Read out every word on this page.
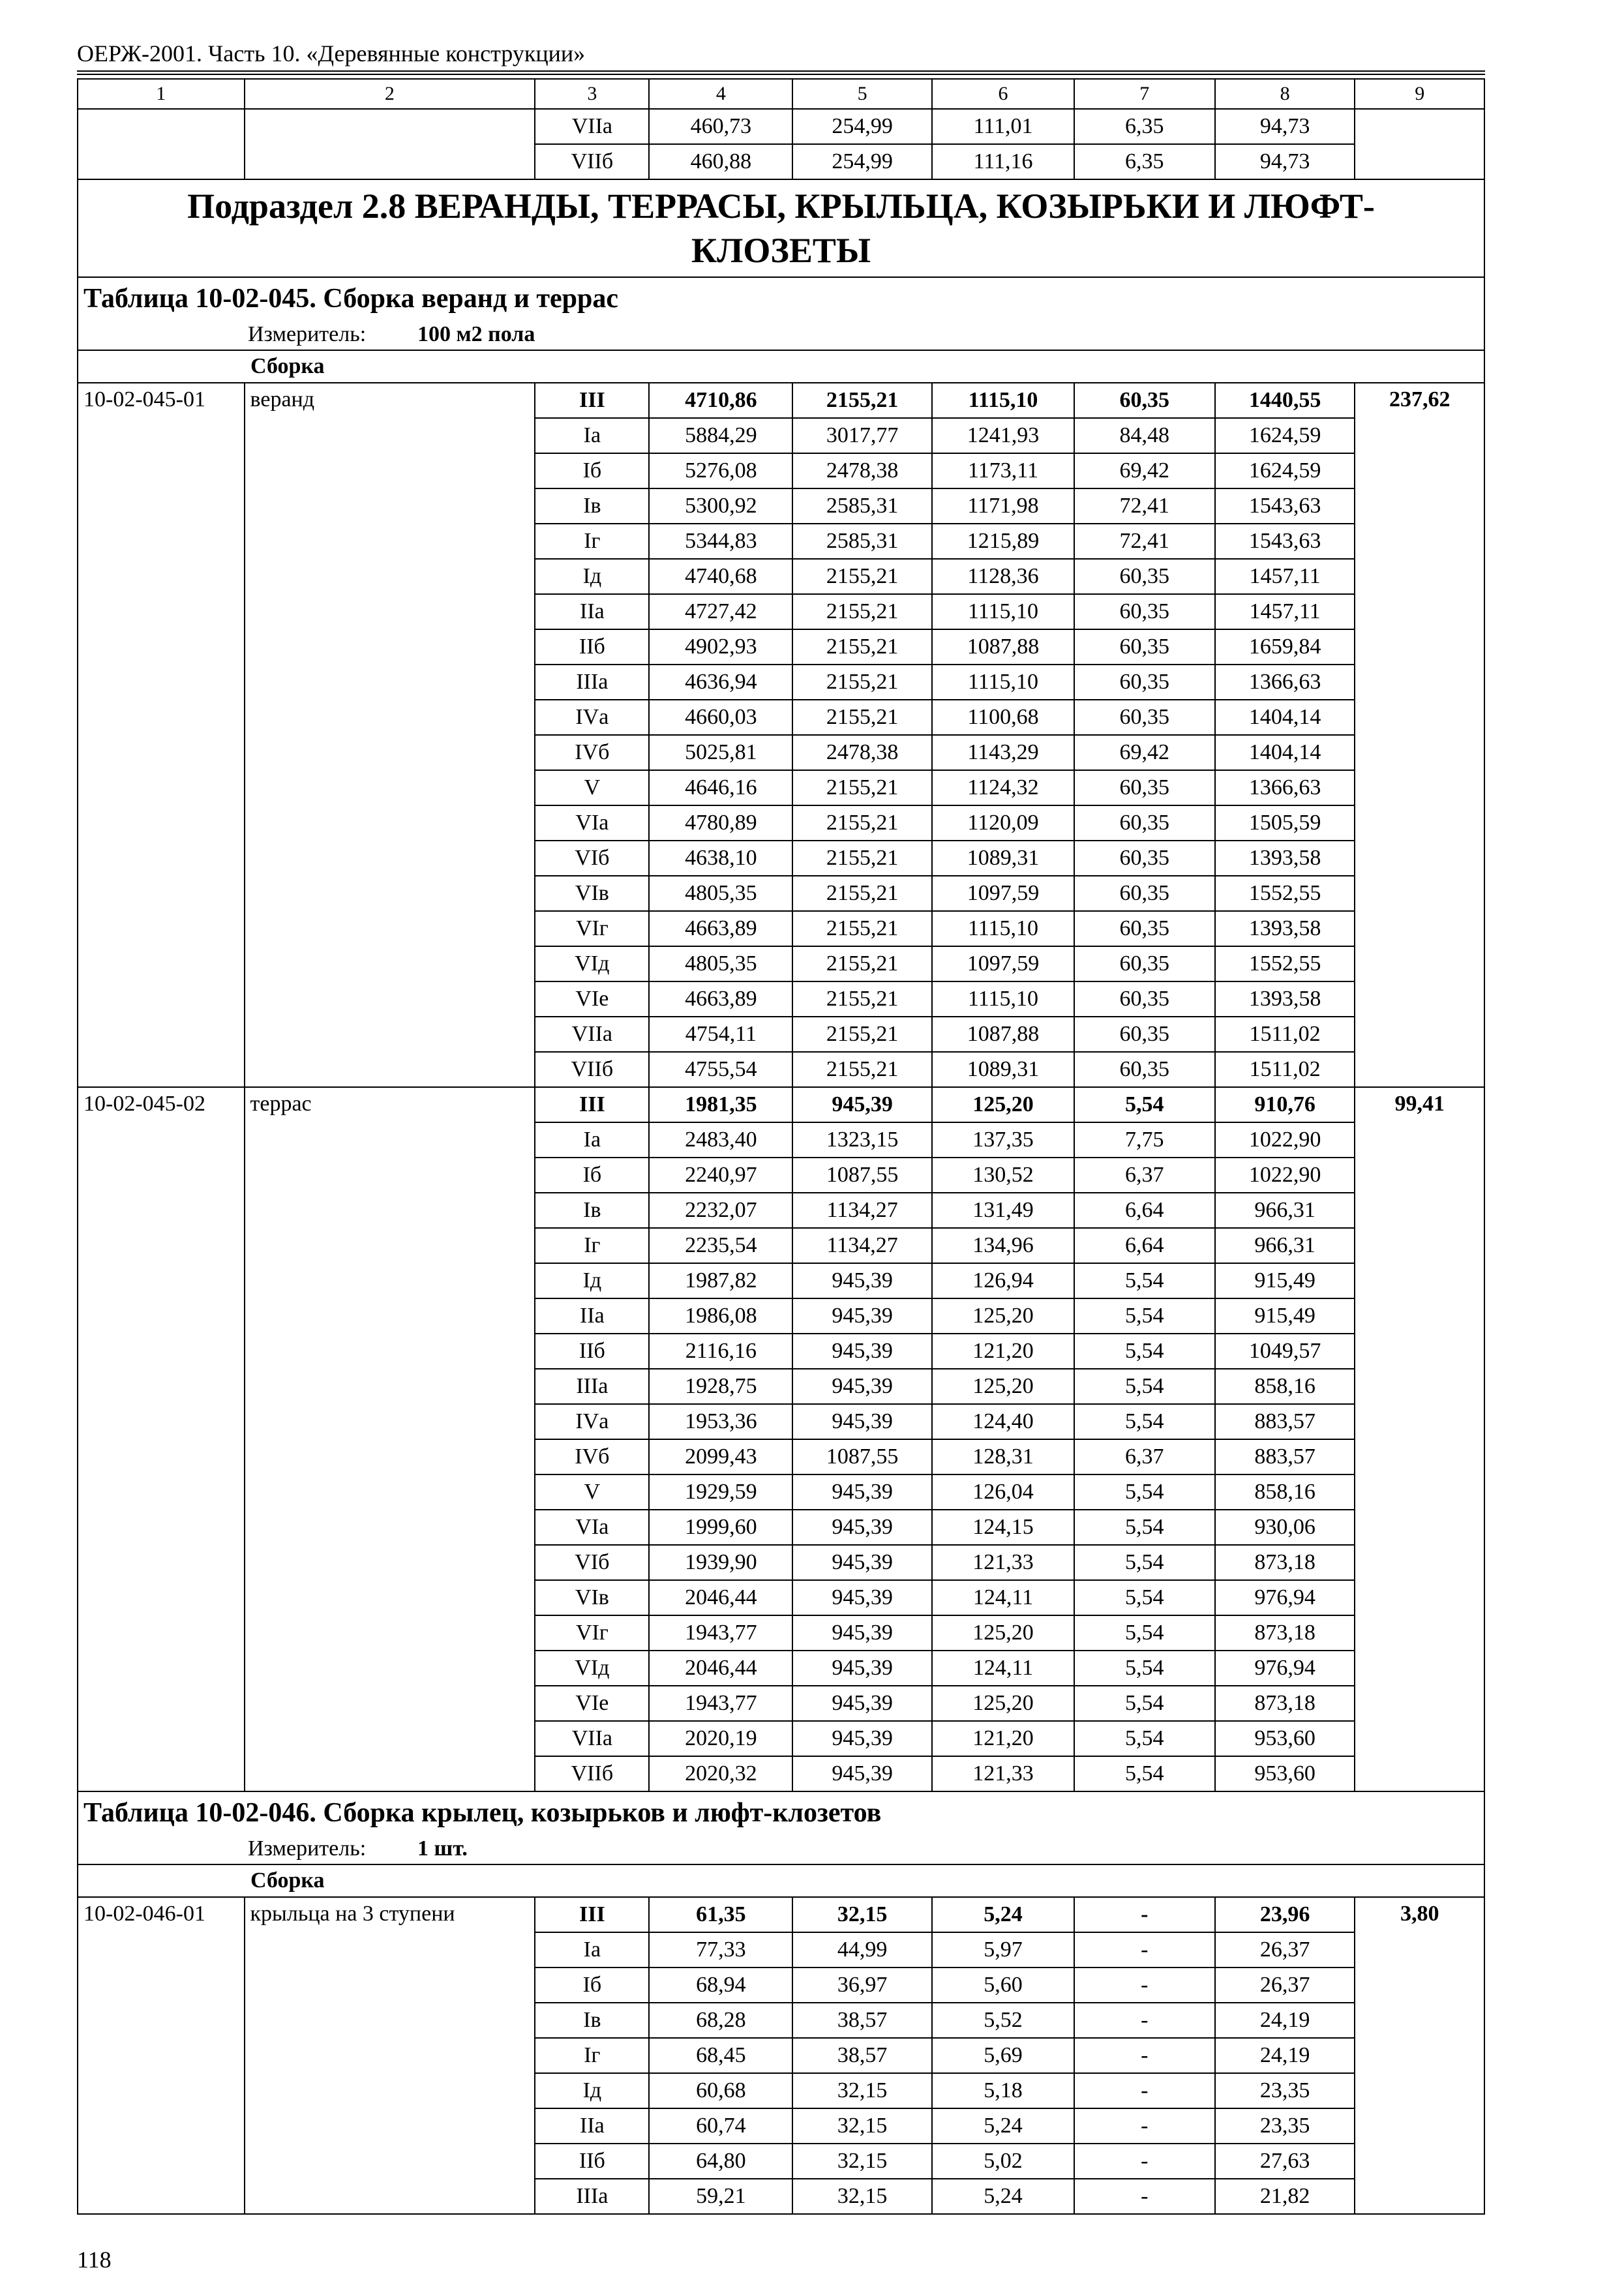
ОЕРЖ-2001. Часть 10. «Деревянные конструкции»
1	2	3	4	5	6	7	8	9
		VIIа	460,73	254,99	111,01	6,35	94,73	
		VIIб	460,88	254,99	111,16	6,35	94,73	
Подраздел 2.8 ВЕРАНДЫ, ТЕРРАСЫ, КРЫЛЬЦА, КОЗЫРЬКИ И ЛЮФТ-КЛОЗЕТЫ								
Таблица 10-02-045. Сборка веранд и террас								
Измеритель: 100 м2 пола								
Сборка								
10-02-045-01	веранд	III	4710,86	2155,21	1115,10	60,35	1440,55	237,62
		Iа	5884,29	3017,77	1241,93	84,48	1624,59	
		Iб	5276,08	2478,38	1173,11	69,42	1624,59	
		Iв	5300,92	2585,31	1171,98	72,41	1543,63	
		Iг	5344,83	2585,31	1215,89	72,41	1543,63	
		Iд	4740,68	2155,21	1128,36	60,35	1457,11	
		IIа	4727,42	2155,21	1115,10	60,35	1457,11	
		IIб	4902,93	2155,21	1087,88	60,35	1659,84	
		IIIа	4636,94	2155,21	1115,10	60,35	1366,63	
		IVа	4660,03	2155,21	1100,68	60,35	1404,14	
		IVб	5025,81	2478,38	1143,29	69,42	1404,14	
		V	4646,16	2155,21	1124,32	60,35	1366,63	
		VIа	4780,89	2155,21	1120,09	60,35	1505,59	
		VIб	4638,10	2155,21	1089,31	60,35	1393,58	
		VIв	4805,35	2155,21	1097,59	60,35	1552,55	
		VIг	4663,89	2155,21	1115,10	60,35	1393,58	
		VIд	4805,35	2155,21	1097,59	60,35	1552,55	
		VIе	4663,89	2155,21	1115,10	60,35	1393,58	
		VIIа	4754,11	2155,21	1087,88	60,35	1511,02	
		VIIб	4755,54	2155,21	1089,31	60,35	1511,02	
10-02-045-02	террас	III	1981,35	945,39	125,20	5,54	910,76	99,41
		Iа	2483,40	1323,15	137,35	7,75	1022,90	
		Iб	2240,97	1087,55	130,52	6,37	1022,90	
		Iв	2232,07	1134,27	131,49	6,64	966,31	
		Iг	2235,54	1134,27	134,96	6,64	966,31	
		Iд	1987,82	945,39	126,94	5,54	915,49	
		IIа	1986,08	945,39	125,20	5,54	915,49	
		IIб	2116,16	945,39	121,20	5,54	1049,57	
		IIIа	1928,75	945,39	125,20	5,54	858,16	
		IVа	1953,36	945,39	124,40	5,54	883,57	
		IVб	2099,43	1087,55	128,31	6,37	883,57	
		V	1929,59	945,39	126,04	5,54	858,16	
		VIа	1999,60	945,39	124,15	5,54	930,06	
		VIб	1939,90	945,39	121,33	5,54	873,18	
		VIв	2046,44	945,39	124,11	5,54	976,94	
		VIг	1943,77	945,39	125,20	5,54	873,18	
		VIд	2046,44	945,39	124,11	5,54	976,94	
		VIе	1943,77	945,39	125,20	5,54	873,18	
		VIIа	2020,19	945,39	121,20	5,54	953,60	
		VIIб	2020,32	945,39	121,33	5,54	953,60	
Таблица 10-02-046. Сборка крылец, козырьков и люфт-клозетов								
Измеритель: 1 шт.								
Сборка								
10-02-046-01	крыльца на 3 ступени	III	61,35	32,15	5,24	-	23,96	3,80
		Iа	77,33	44,99	5,97	-	26,37	
		Iб	68,94	36,97	5,60	-	26,37	
		Iв	68,28	38,57	5,52	-	24,19	
		Iг	68,45	38,57	5,69	-	24,19	
		Iд	60,68	32,15	5,18	-	23,35	
		IIа	60,74	32,15	5,24	-	23,35	
		IIб	64,80	32,15	5,02	-	27,63	
		IIIа	59,21	32,15	5,24	-	21,82	
118
